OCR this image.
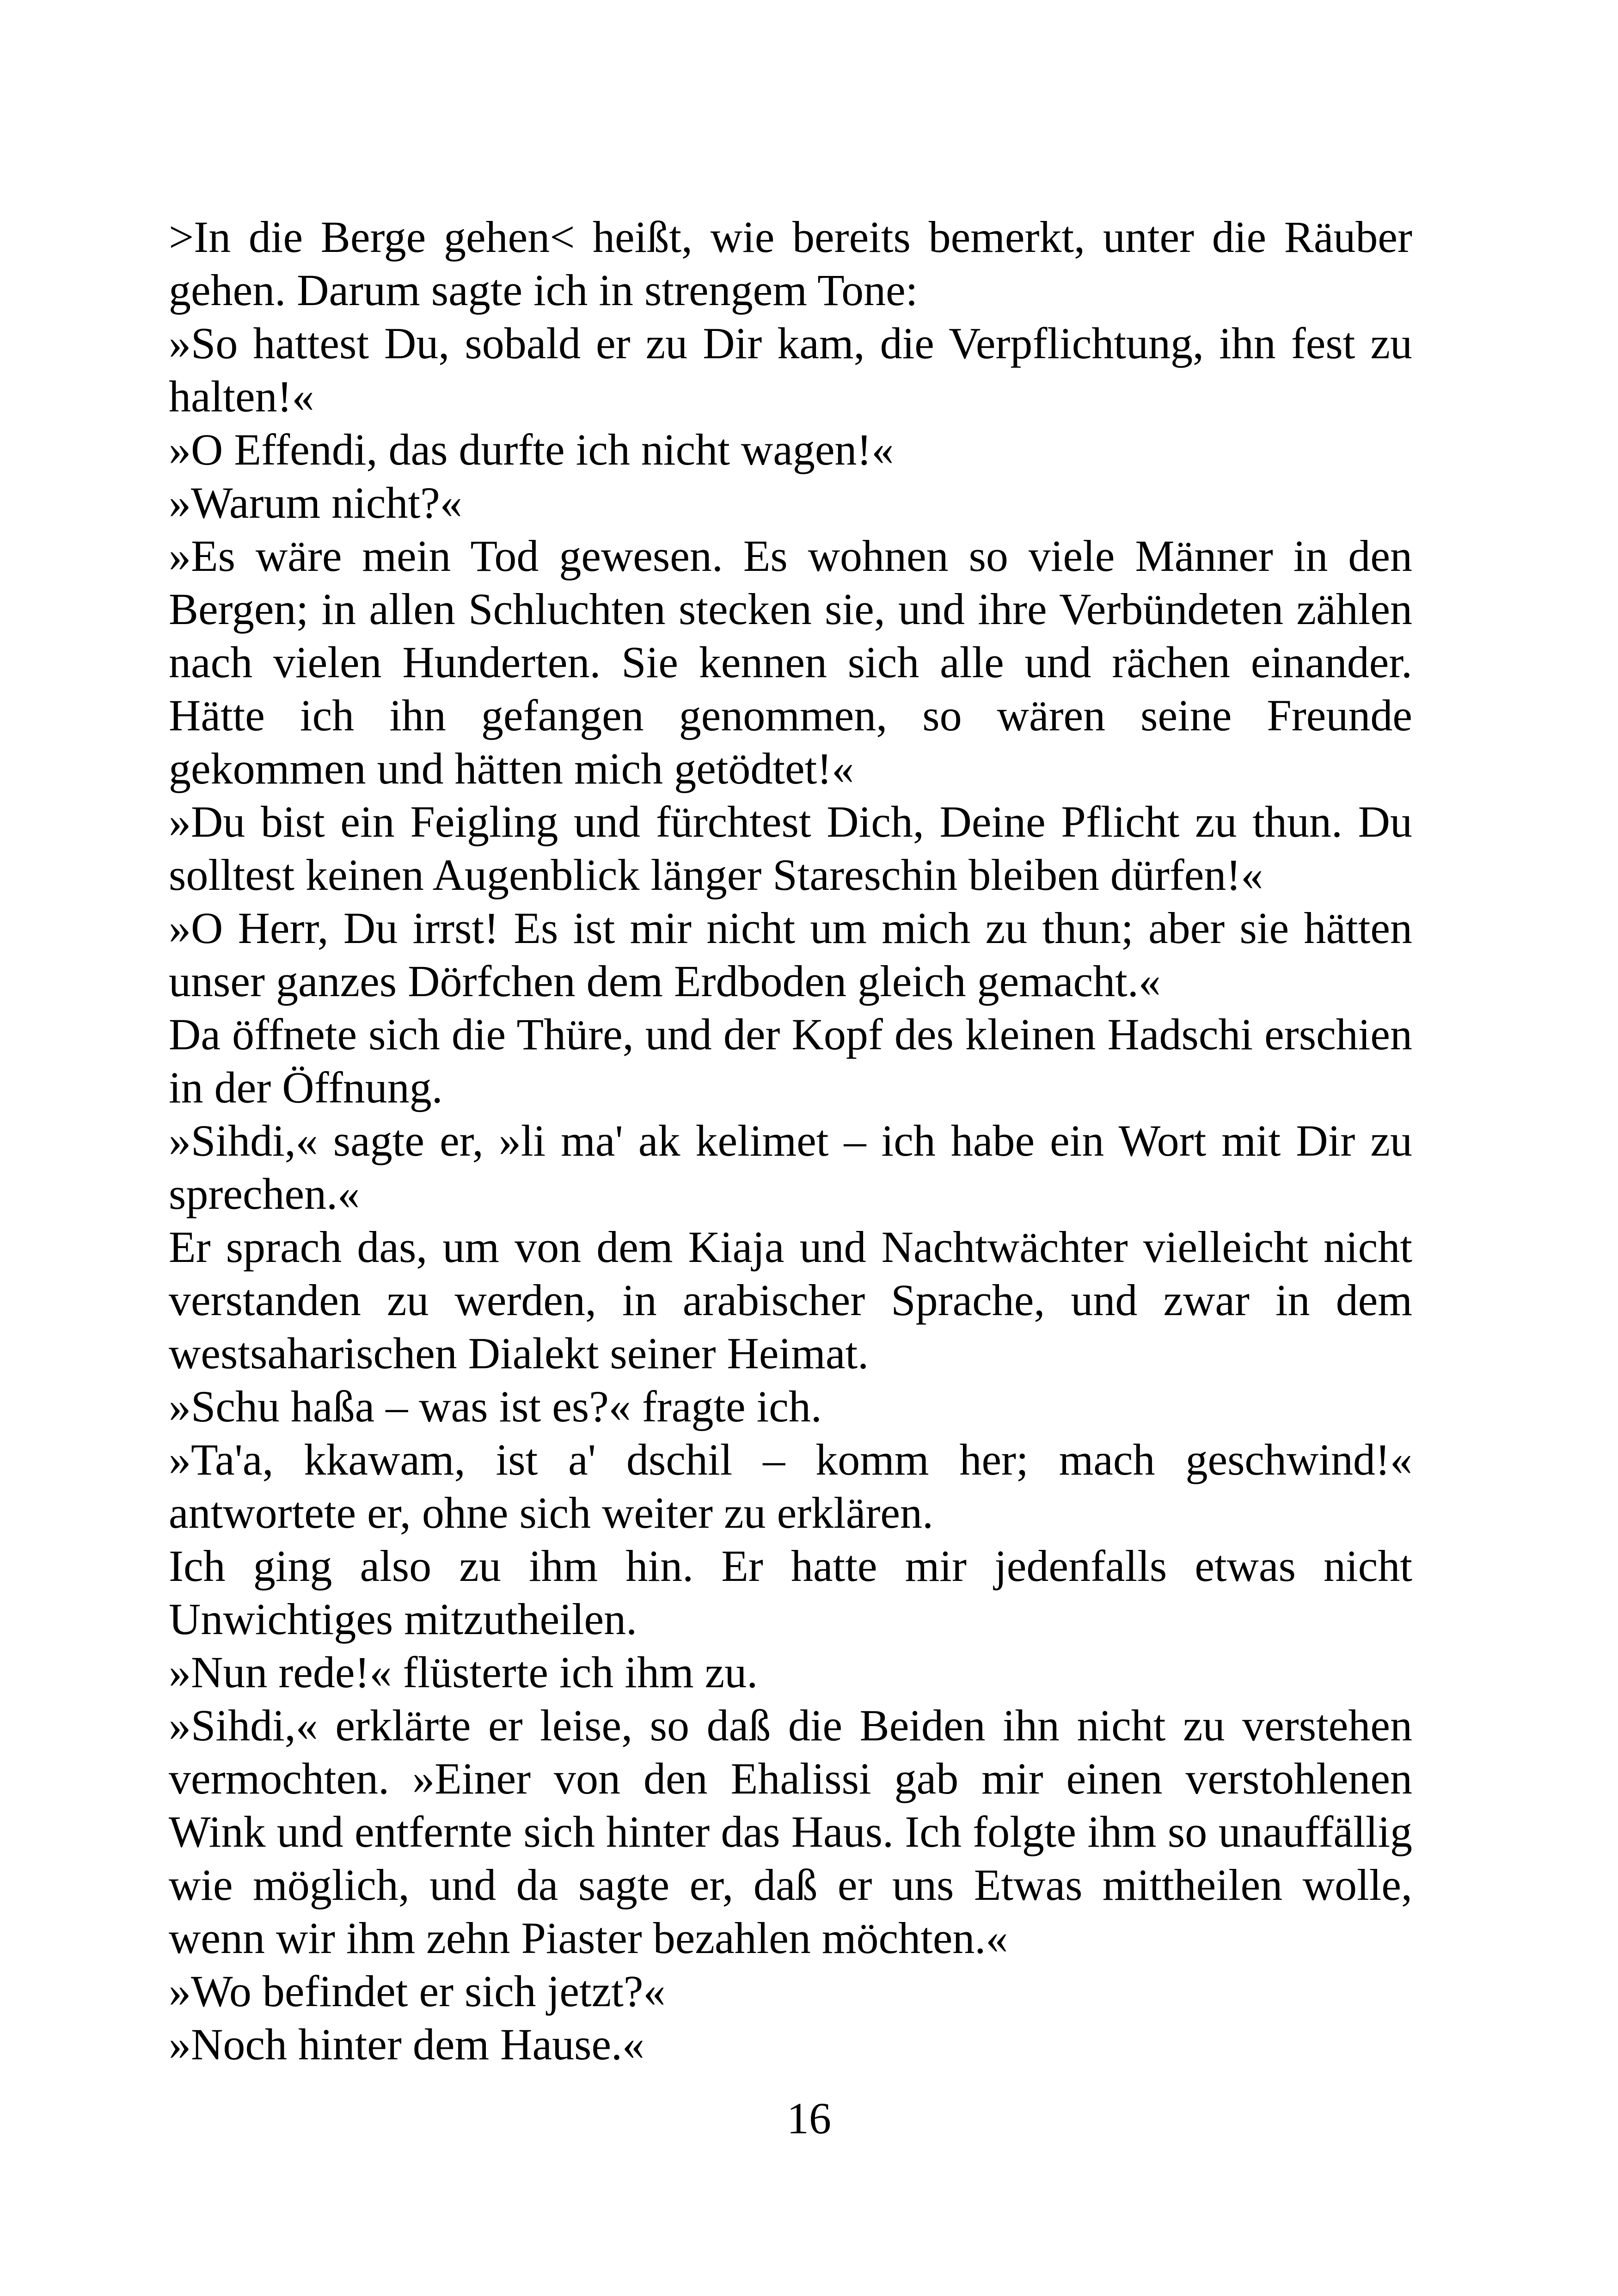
>In die Berge gehen< heißt, wie bereits bemerkt, unter die Räuber gehen. Darum sagte ich in strengem Tone:

»So hattest Du, sobald er zu Dir kam, die Verpflichtung, ihn fest zu halten!«

»O Effendi, das durfte ich nicht wagen!«

»Warum nicht?«

»Es wäre mein Tod gewesen. Es wohnen so viele Männer in den Bergen; in allen Schluchten stecken sie, und ihre Verbündeten zählen nach vielen Hunderten. Sie kennen sich alle und rächen einander. Hätte ich ihn gefangen genommen, so wären seine Freunde gekommen und hätten mich getödtet!«

»Du bist ein Feigling und fürchtest Dich, Deine Pflicht zu thun. Du solltest keinen Augenblick länger Stareschin bleiben dürfen!«

»O Herr, Du irrst! Es ist mir nicht um mich zu thun; aber sie hätten unser ganzes Dörfchen dem Erdboden gleich gemacht.«

Da öffnete sich die Thüre, und der Kopf des kleinen Hadschi erschien in der Öffnung.

»Sihdi,« sagte er, »li ma' ak kelimet – ich habe ein Wort mit Dir zu sprechen.«

Er sprach das, um von dem Kiaja und Nachtwächter vielleicht nicht verstanden zu werden, in arabischer Sprache, und zwar in dem westsaharischen Dialekt seiner Heimat.

»Schu haßa – was ist es?« fragte ich.

»Ta'a, kkawam, ist a' dschil – komm her; mach geschwind!« antwortete er, ohne sich weiter zu erklären.

Ich ging also zu ihm hin. Er hatte mir jedenfalls etwas nicht Unwichtiges mitzutheilen.

»Nun rede!« flüsterte ich ihm zu.

»Sihdi,« erklärte er leise, so daß die Beiden ihn nicht zu verstehen vermochten. »Einer von den Ehalissi gab mir einen verstohlenen Wink und entfernte sich hinter das Haus. Ich folgte ihm so unauffällig wie möglich, und da sagte er, daß er uns Etwas mittheilen wolle, wenn wir ihm zehn Piaster bezahlen möchten.«

»Wo befindet er sich jetzt?«

»Noch hinter dem Hause.«

16
